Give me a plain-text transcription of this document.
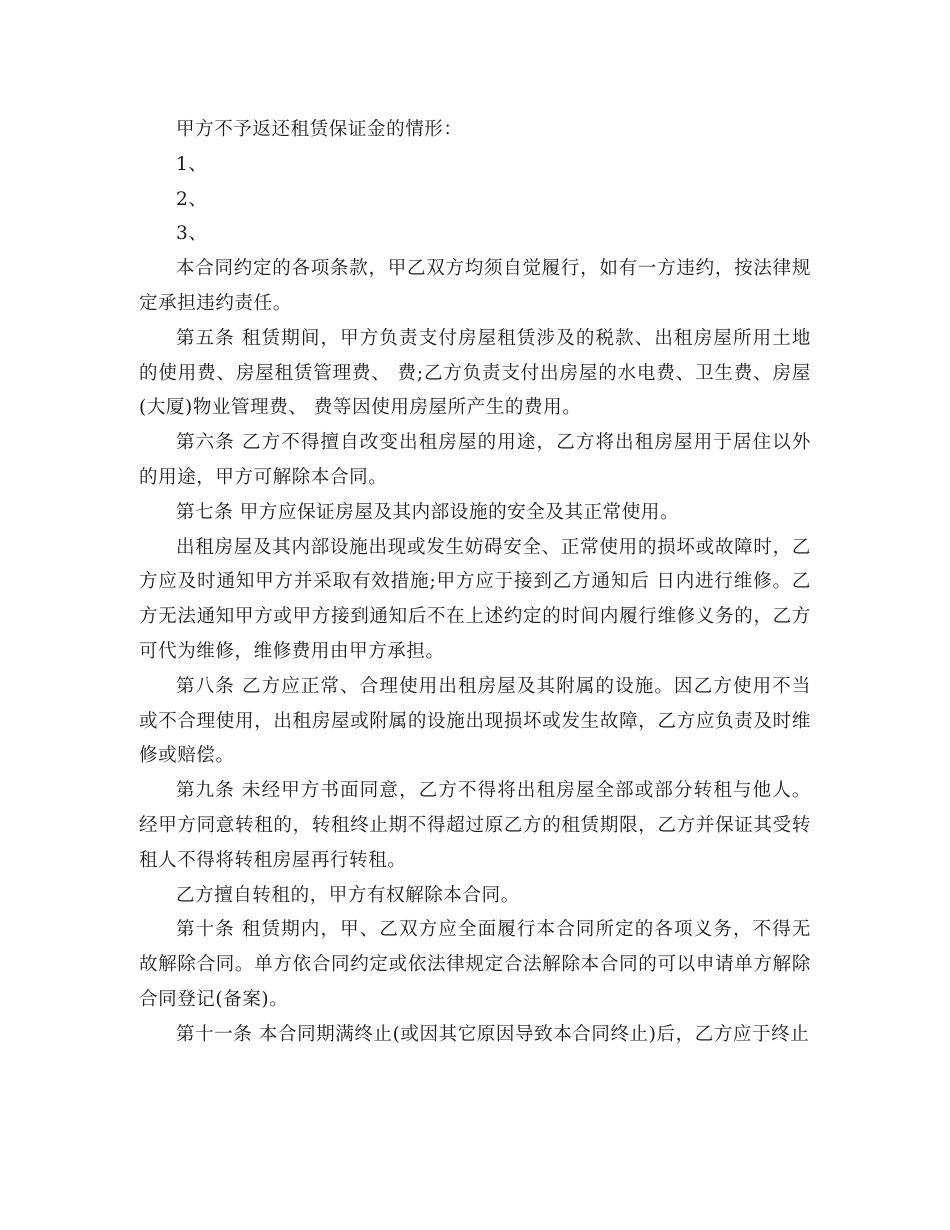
甲方不予返还租赁保证金的情形：

1、

2、

3、

本合同约定的各项条款，甲乙双方均须自觉履行，如有一方违约，按法律规定承担违约责任。

第五条 租赁期间，甲方负责支付房屋租赁涉及的税款、出租房屋所用土地的使用费、房屋租赁管理费、 费;乙方负责支付出房屋的水电费、卫生费、房屋(大厦)物业管理费、 费等因使用房屋所产生的费用。

第六条 乙方不得擅自改变出租房屋的用途，乙方将出租房屋用于居住以外的用途，甲方可解除本合同。

第七条 甲方应保证房屋及其内部设施的安全及其正常使用。

出租房屋及其内部设施出现或发生妨碍安全、正常使用的损坏或故障时，乙方应及时通知甲方并采取有效措施;甲方应于接到乙方通知后 日内进行维修。乙方无法通知甲方或甲方接到通知后不在上述约定的时间内履行维修义务的，乙方可代为维修，维修费用由甲方承担。

第八条 乙方应正常、合理使用出租房屋及其附属的设施。因乙方使用不当或不合理使用，出租房屋或附属的设施出现损坏或发生故障，乙方应负责及时维修或赔偿。

第九条 未经甲方书面同意，乙方不得将出租房屋全部或部分转租与他人。经甲方同意转租的，转租终止期不得超过原乙方的租赁期限，乙方并保证其受转租人不得将转租房屋再行转租。

乙方擅自转租的，甲方有权解除本合同。

第十条 租赁期内，甲、乙双方应全面履行本合同所定的各项义务，不得无故解除合同。单方依合同约定或依法律规定合法解除本合同的可以申请单方解除合同登记(备案)。

第十一条 本合同期满终止(或因其它原因导致本合同终止)后，乙方应于终止
